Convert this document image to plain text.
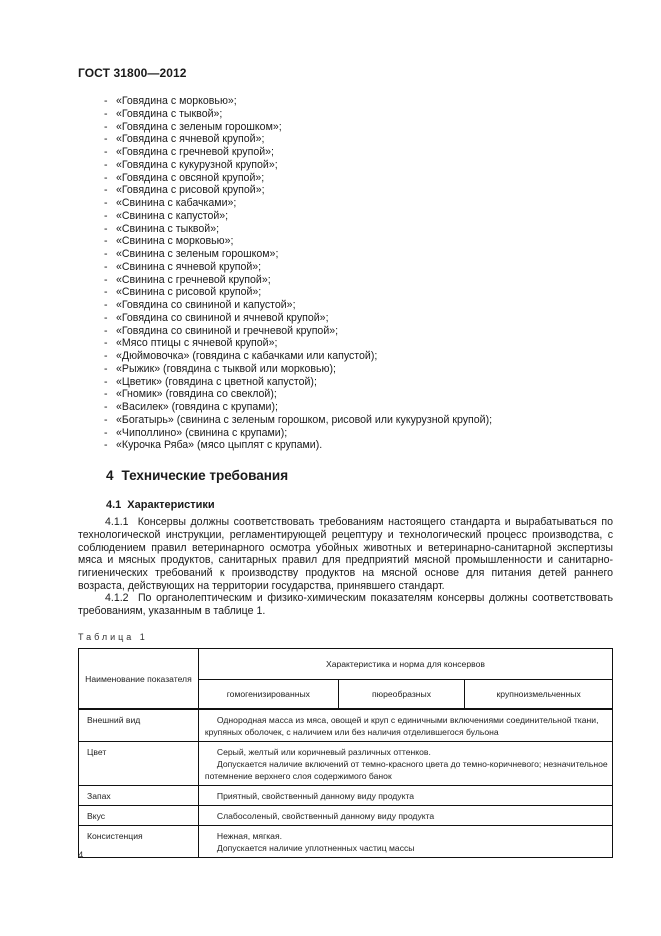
ГОСТ 31800—2012
- «Говядина с морковью»;
- «Говядина с тыквой»;
- «Говядина с зеленым горошком»;
- «Говядина с ячневой крупой»;
- «Говядина с гречневой крупой»;
- «Говядина с кукурузной крупой»;
- «Говядина с овсяной крупой»;
- «Говядина с рисовой крупой»;
- «Свинина с кабачками»;
- «Свинина с капустой»;
- «Свинина с тыквой»;
- «Свинина с морковью»;
- «Свинина с зеленым горошком»;
- «Свинина с ячневой крупой»;
- «Свинина с гречневой крупой»;
- «Свинина с рисовой крупой»;
- «Говядина со свининой и капустой»;
- «Говядина со свининой и ячневой крупой»;
- «Говядина со свининой и гречневой крупой»;
- «Мясо птицы с ячневой крупой»;
- «Дюймовочка» (говядина с кабачками или капустой);
- «Рыжик» (говядина с тыквой или морковью);
- «Цветик» (говядина с цветной капустой);
- «Гномик» (говядина со свеклой);
- «Василек» (говядина с крупами);
- «Богатырь» (свинина с зеленым горошком, рисовой или кукурузной крупой);
- «Чиполлино» (свинина с крупами);
- «Курочка Ряба» (мясо цыплят с крупами).
4 Технические требования
4.1 Характеристики
4.1.1 Консервы должны соответствовать требованиям настоящего стандарта и вырабатываться по технологической инструкции, регламентирующей рецептуру и технологический процесс производства, с соблюдением правил ветеринарного осмотра убойных животных и ветеринарно-санитарной экспертизы мяса и мясных продуктов, санитарных правил для предприятий мясной промышленности и санитарно-гигиенических требований к производству продуктов на мясной основе для питания детей раннего возраста, действующих на территории государства, принявшего стандарт.
4.1.2 По органолептическим и физико-химическим показателям консервы должны соответствовать требованиям, указанным в таблице 1.
Таблица 1
Наименование показателя	Характеристика и норма для консервов		
	гомогенизированных	пюреобразных	крупноизмельченных
Внешний вид	Однородная масса из мяса, овощей и круп с единичными включениями соединительной ткани, крупяных оболочек, с наличием или без наличия отделившегося бульона		

Цвет	Серый, желтый или коричневый различных оттенков.
Допускается наличие включений от темно-красного цвета до темно-коричневого; незначительное потемнение верхнего слоя содержимого банок		

Запах	Приятный, свойственный данному виду продукта		

Вкус	Слабосоленый, свойственный данному виду продукта		

Консистенция	Нежная, мягкая.
Допускается наличие уплотненных частиц массы		
4
